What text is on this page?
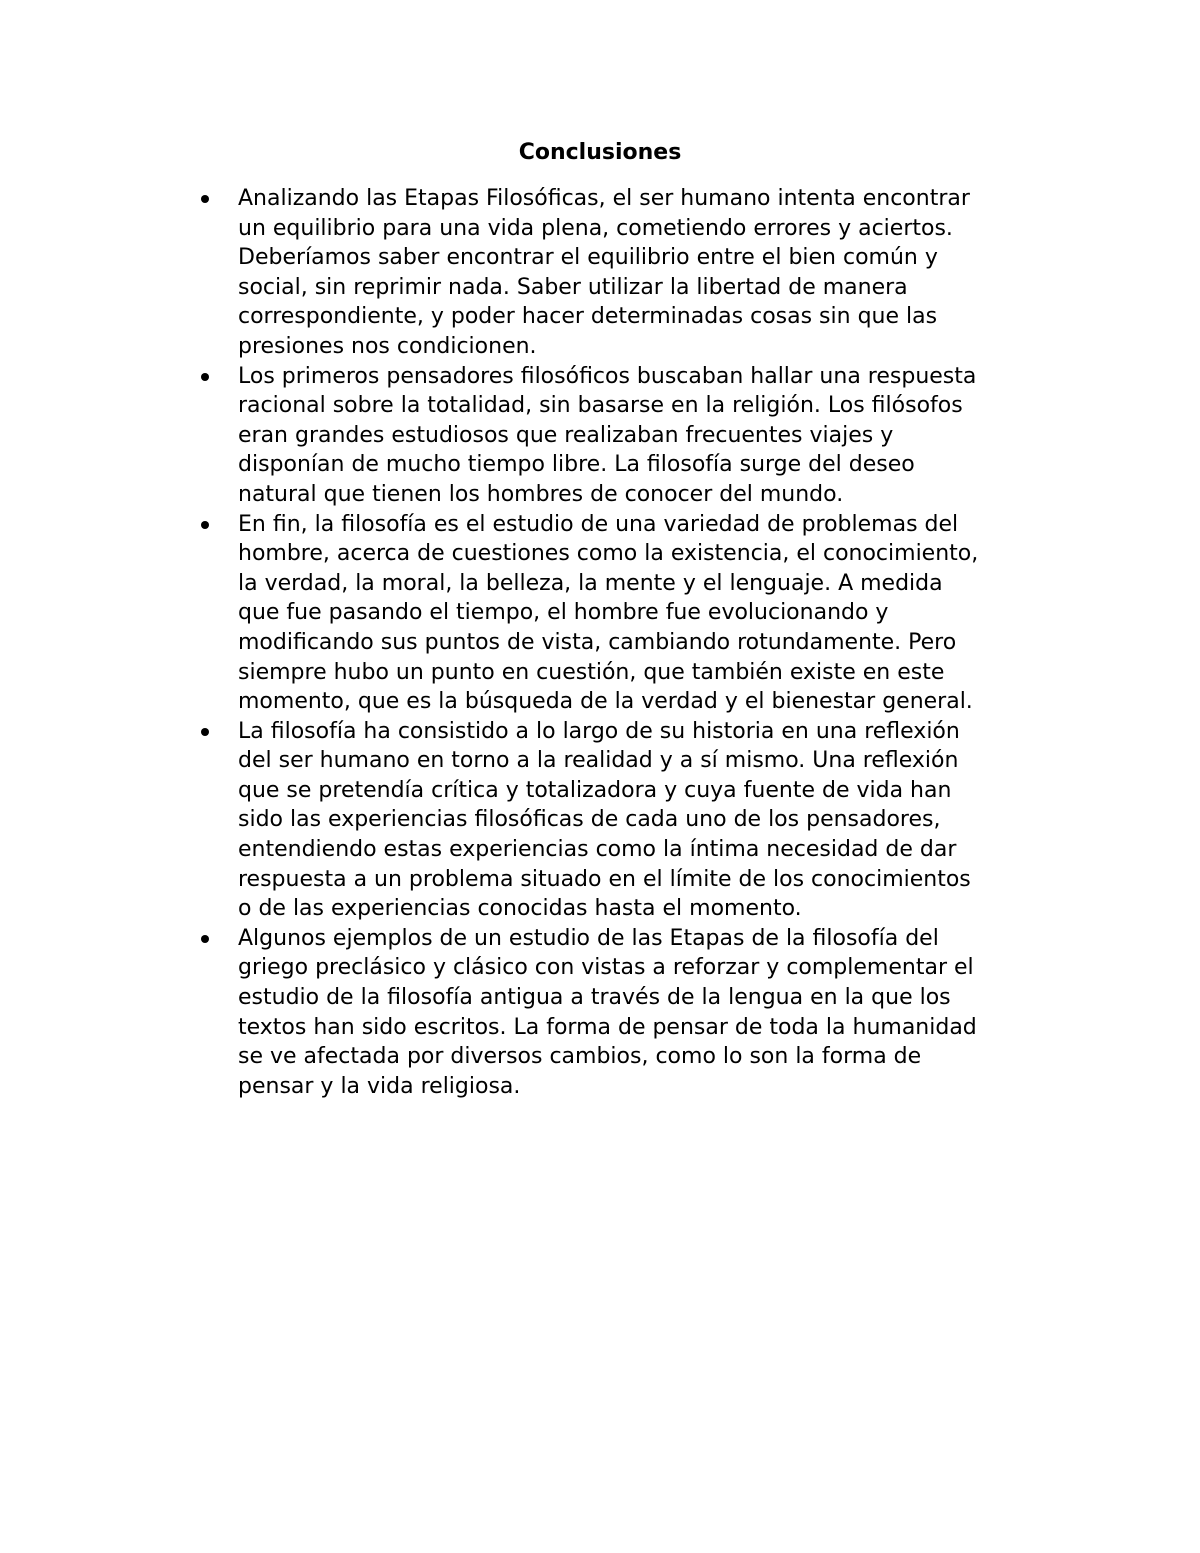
Conclusiones
Analizando las Etapas Filosóficas, el ser humano intenta encontrar
un equilibrio para una vida plena, cometiendo errores y aciertos.
Deberíamos saber encontrar el equilibrio entre el bien común y
social, sin reprimir nada. Saber utilizar la libertad de manera
correspondiente, y poder hacer determinadas cosas sin que las
presiones nos condicionen.
Los primeros pensadores filosóficos buscaban hallar una respuesta
racional sobre la totalidad, sin basarse en la religión. Los filósofos
eran grandes estudiosos que realizaban frecuentes viajes y
disponían de mucho tiempo libre. La filosofía surge del deseo
natural que tienen los hombres de conocer del mundo.
En fin, la filosofía es el estudio de una variedad de problemas del
hombre, acerca de cuestiones como la existencia, el conocimiento,
la verdad, la moral, la belleza, la mente y el lenguaje. A medida
que fue pasando el tiempo, el hombre fue evolucionando y
modificando sus puntos de vista, cambiando rotundamente. Pero
siempre hubo un punto en cuestión, que también existe en este
momento, que es la búsqueda de la verdad y el bienestar general.
La filosofía ha consistido a lo largo de su historia en una reflexión
del ser humano en torno a la realidad y a sí mismo. Una reflexión
que se pretendía crítica y totalizadora y cuya fuente de vida han
sido las experiencias filosóficas de cada uno de los pensadores,
entendiendo estas experiencias como la íntima necesidad de dar
respuesta a un problema situado en el límite de los conocimientos
o de las experiencias conocidas hasta el momento.
Algunos ejemplos de un estudio de las Etapas de la filosofía del
griego preclásico y clásico con vistas a reforzar y complementar el
estudio de la filosofía antigua a través de la lengua en la que los
textos han sido escritos. La forma de pensar de toda la humanidad
se ve afectada por diversos cambios, como lo son la forma de
pensar y la vida religiosa.
